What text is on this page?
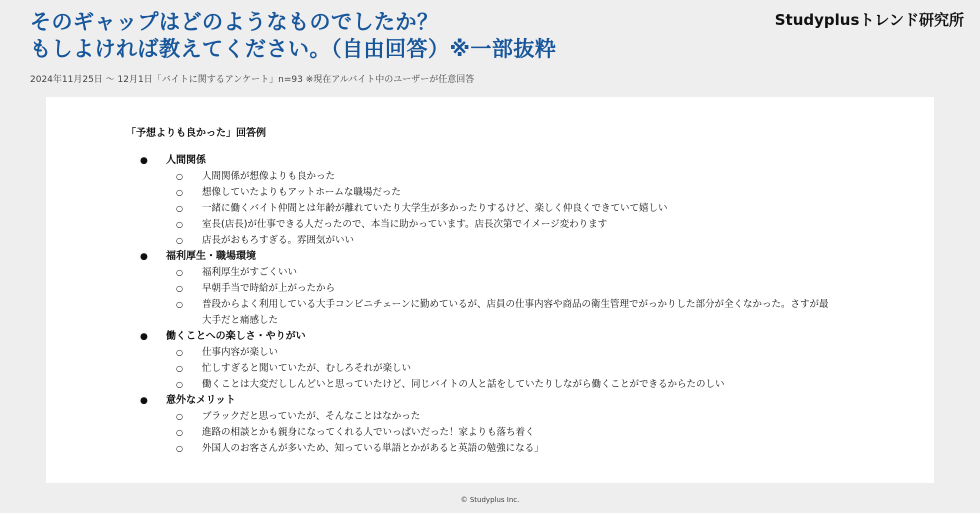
そのギャップはどのようなものでしたか？
もしよければ教えてください。（自由回答）※一部抜粋
Studyplusトレンド研究所
2024年11月25日 〜 12月1日「バイトに関するアンケート」n=93 ※現在アルバイト中のユーザーが任意回答
「予想よりも良かった」回答例
● 人間関係
○ 人間関係が想像よりも良かった
○ 想像していたよりもアットホームな職場だった
○ 一緒に働くバイト仲間とは年齢が離れていたり大学生が多かったりするけど、楽しく仲良くできていて嬉しい
○ 室長(店長)が仕事できる人だったので、本当に助かっています。店長次第でイメージ変わります
○ 店長がおもろすぎる。雰囲気がいい
● 福利厚生・職場環境
○ 福利厚生がすごくいい
○ 早朝手当で時給が上がったから
○ 普段からよく利用している大手コンビニチェーンに勤めているが、店員の仕事内容や商品の衛生管理でがっかりした部分が全くなかった。さすが最大手だと痛感した
● 働くことへの楽しさ・やりがい
○ 仕事内容が楽しい
○ 忙しすぎると聞いていたが、むしろそれが楽しい
○ 働くことは大変だししんどいと思っていたけど、同じバイトの人と話をしていたりしながら働くことができるからたのしい
● 意外なメリット
○ ブラックだと思っていたが、そんなことはなかった
○ 進路の相談とかも親身になってくれる人でいっぱいだった！家よりも落ち着く
○ 外国人のお客さんが多いため、知っている単語とかがあると英語の勉強になる」
© Studyplus Inc.
